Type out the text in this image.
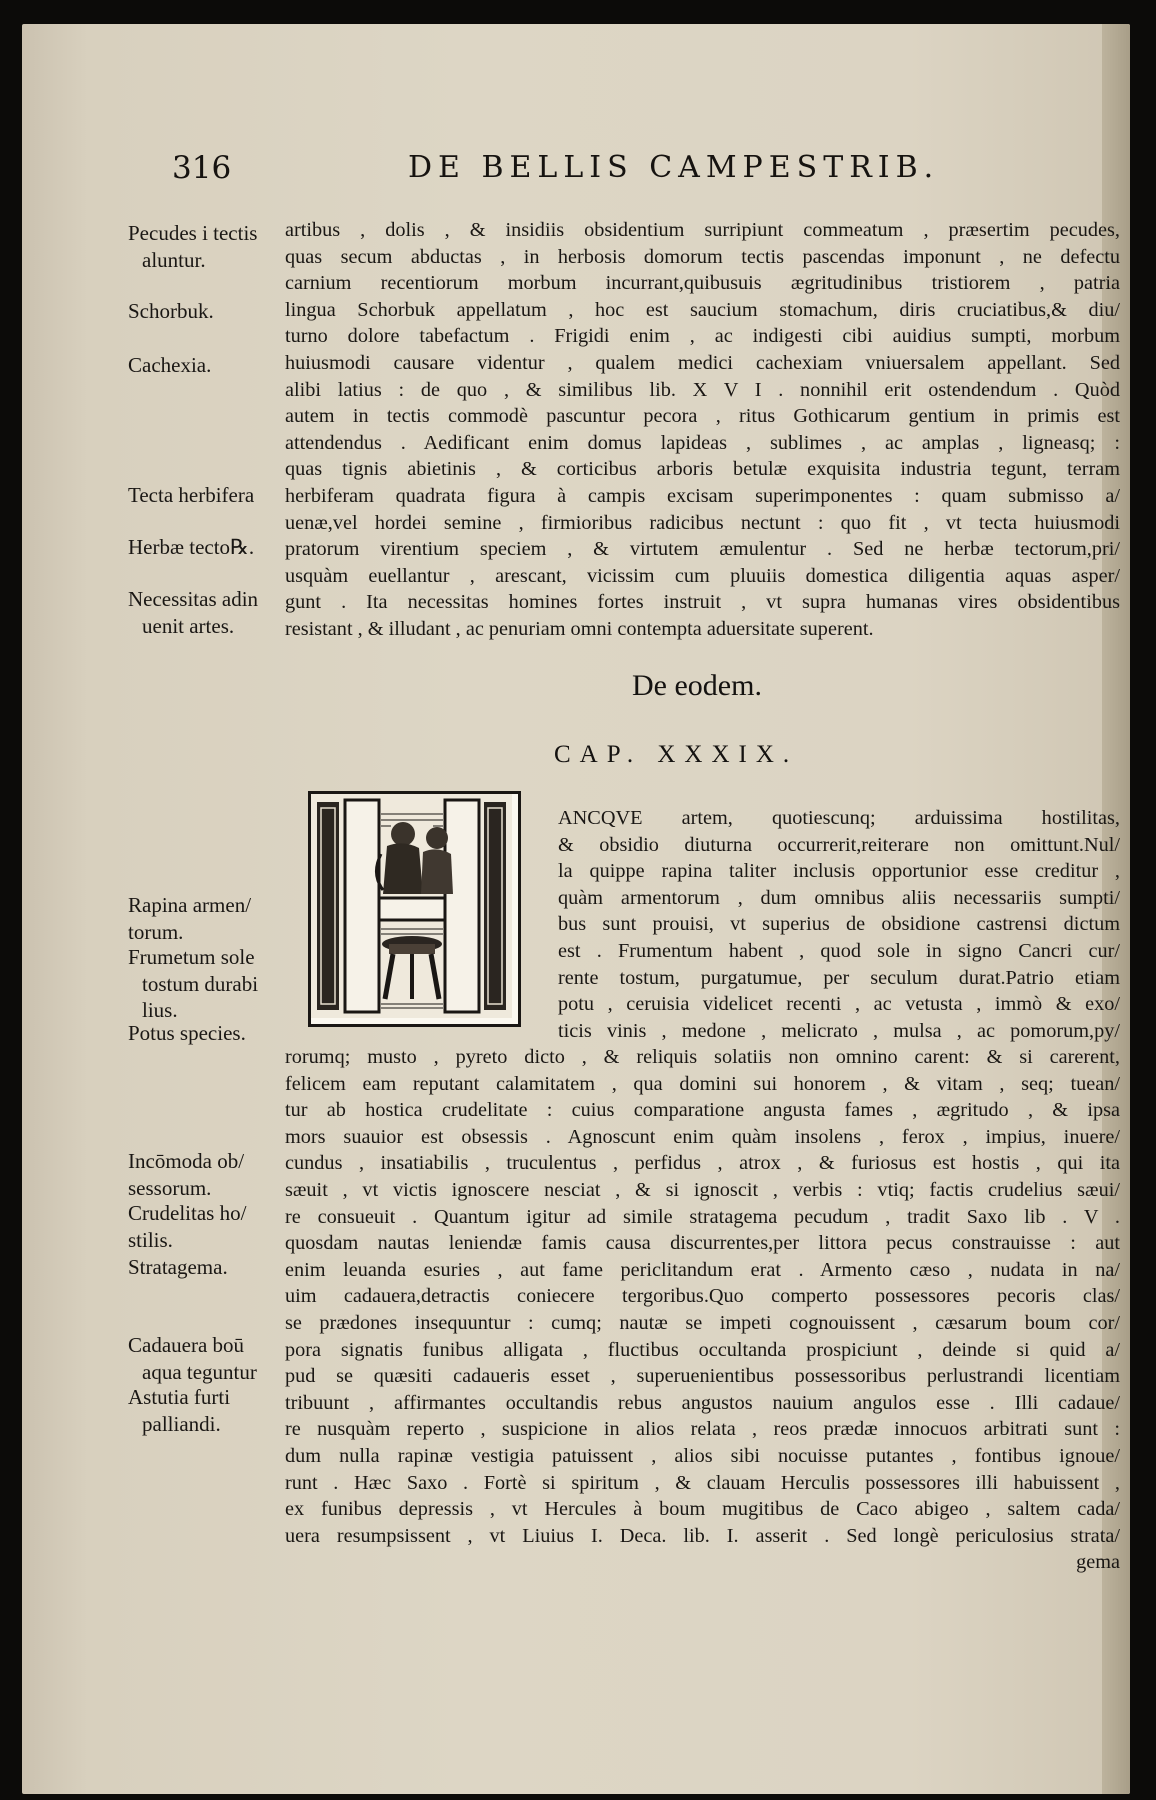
316	DE BELLIS CAMPESTRIB.
artibus , dolis , & insidiis obsidentium surripiunt commeatum , præsertim pecudes,
quas secum abductas , in herbosis domorum tectis pascendas imponunt , ne defectu
carnium recentiorum morbum incurrant,quibusuis ægritudinibus tristiorem , patria
lingua Schorbuk appellatum , hoc est saucium stomachum, diris cruciatibus,& diu/
turno dolore tabefactum . Frigidi enim , ac indigesti cibi auidius sumpti, morbum
huiusmodi causare videntur , qualem medici cachexiam vniuersalem appellant. Sed
alibi latius : de quo , & similibus lib. X V I . nonnihil erit ostendendum . Quòd
autem in tectis commodè pascuntur pecora , ritus Gothicarum gentium in primis est
attendendus . Aedificant enim domus lapideas , sublimes , ac amplas , ligneasq; :
quas tignis abietinis , & corticibus arboris betulæ exquisita industria tegunt, terram
herbiferam quadrata figura à campis excisam superimponentes : quam submisso a/
uenæ,vel hordei semine , firmioribus radicibus nectunt : quo fit , vt tecta huiusmodi
pratorum virentium speciem , & virtutem æmulentur . Sed ne herbæ tectorum,pri/
usquàm euellantur , arescant, vicissim cum pluuiis domestica diligentia aquas asper/
gunt . Ita necessitas homines fortes instruit , vt supra humanas vires obsidentibus
resistant , & illudant , ac penuriam omni contempta aduersitate superent.
De eodem.
CAP. XXXIX.
ANCQVE artem, quotiescunq; arduissima hostilitas,
& obsidio diuturna occurrerit,reiterare non omittunt.Nul/
la quippe rapina taliter inclusis opportunior esse creditur ,
quàm armentorum , dum omnibus aliis necessariis sumpti/
bus sunt prouisi, vt superius de obsidione castrensi dictum
est . Frumentum habent , quod sole in signo Cancri cur/
rente tostum, purgatumue, per seculum durat.Patrio etiam
potu , ceruisia videlicet recenti , ac vetusta , immò & exo/
ticis vinis , medone , melicrato , mulsa , ac pomorum,py/
rorumq; musto , pyreto dicto , & reliquis solatiis non omnino carent: & si carerent,
felicem eam reputant calamitatem , qua domini sui honorem , & vitam , seq; tuean/
tur ab hostica crudelitate : cuius comparatione angusta fames , ægritudo , & ipsa
mors suauior est obsessis . Agnoscunt enim quàm insolens , ferox , impius, inuere/
cundus , insatiabilis , truculentus , perfidus , atrox , & furiosus est hostis , qui ita
sæuit , vt victis ignoscere nesciat , & si ignoscit , verbis : vtiq; factis crudelius sæui/
re consueuit . Quantum igitur ad simile stratagema pecudum , tradit Saxo lib . V .
quosdam nautas leniendæ famis causa discurrentes,per littora pecus constrauisse : aut
enim leuanda esuries , aut fame periclitandum erat . Armento cæso , nudata in na/
uim cadauera,detractis coniecere tergoribus.Quo comperto possessores pecoris clas/
se prædones insequuntur : cumq; nautæ se impeti cognouissent , cæsarum boum cor/
pora signatis funibus alligata , fluctibus occultanda prospiciunt , deinde si quid a/
pud se quæsiti cadaueris esset , superuenientibus possessoribus perlustrandi licentiam
tribuunt , affirmantes occultandis rebus angustos nauium angulos esse . Illi cadaue/
re nusquàm reperto , suspicione in alios relata , reos prædæ innocuos arbitrati sunt :
dum nulla rapinæ vestigia patuissent , alios sibi nocuisse putantes , fontibus ignoue/
runt . Hæc Saxo . Fortè si spiritum , & clauam Herculis possessores illi habuissent ,
ex funibus depressis , vt Hercules à boum mugitibus de Caco abigeo , saltem cada/
uera resumpsissent , vt Liuius I. Deca. lib. I. asserit . Sed longè periculosius strata/
gema
Pecudes i tectis
aluntur.
Schorbuk.
Cachexia.
Tecta herbifera
Herbæ tecto℞.
Necessitas adin
uenit artes.
Rapina armen/
torum.
Frumetum sole
tostum durabi
lius.
Potus species.
Incōmoda ob/
sessorum.
Crudelitas ho/
stilis.
Stratagema.
Cadauera boū
aqua teguntur
Astutia furti
palliandi.
